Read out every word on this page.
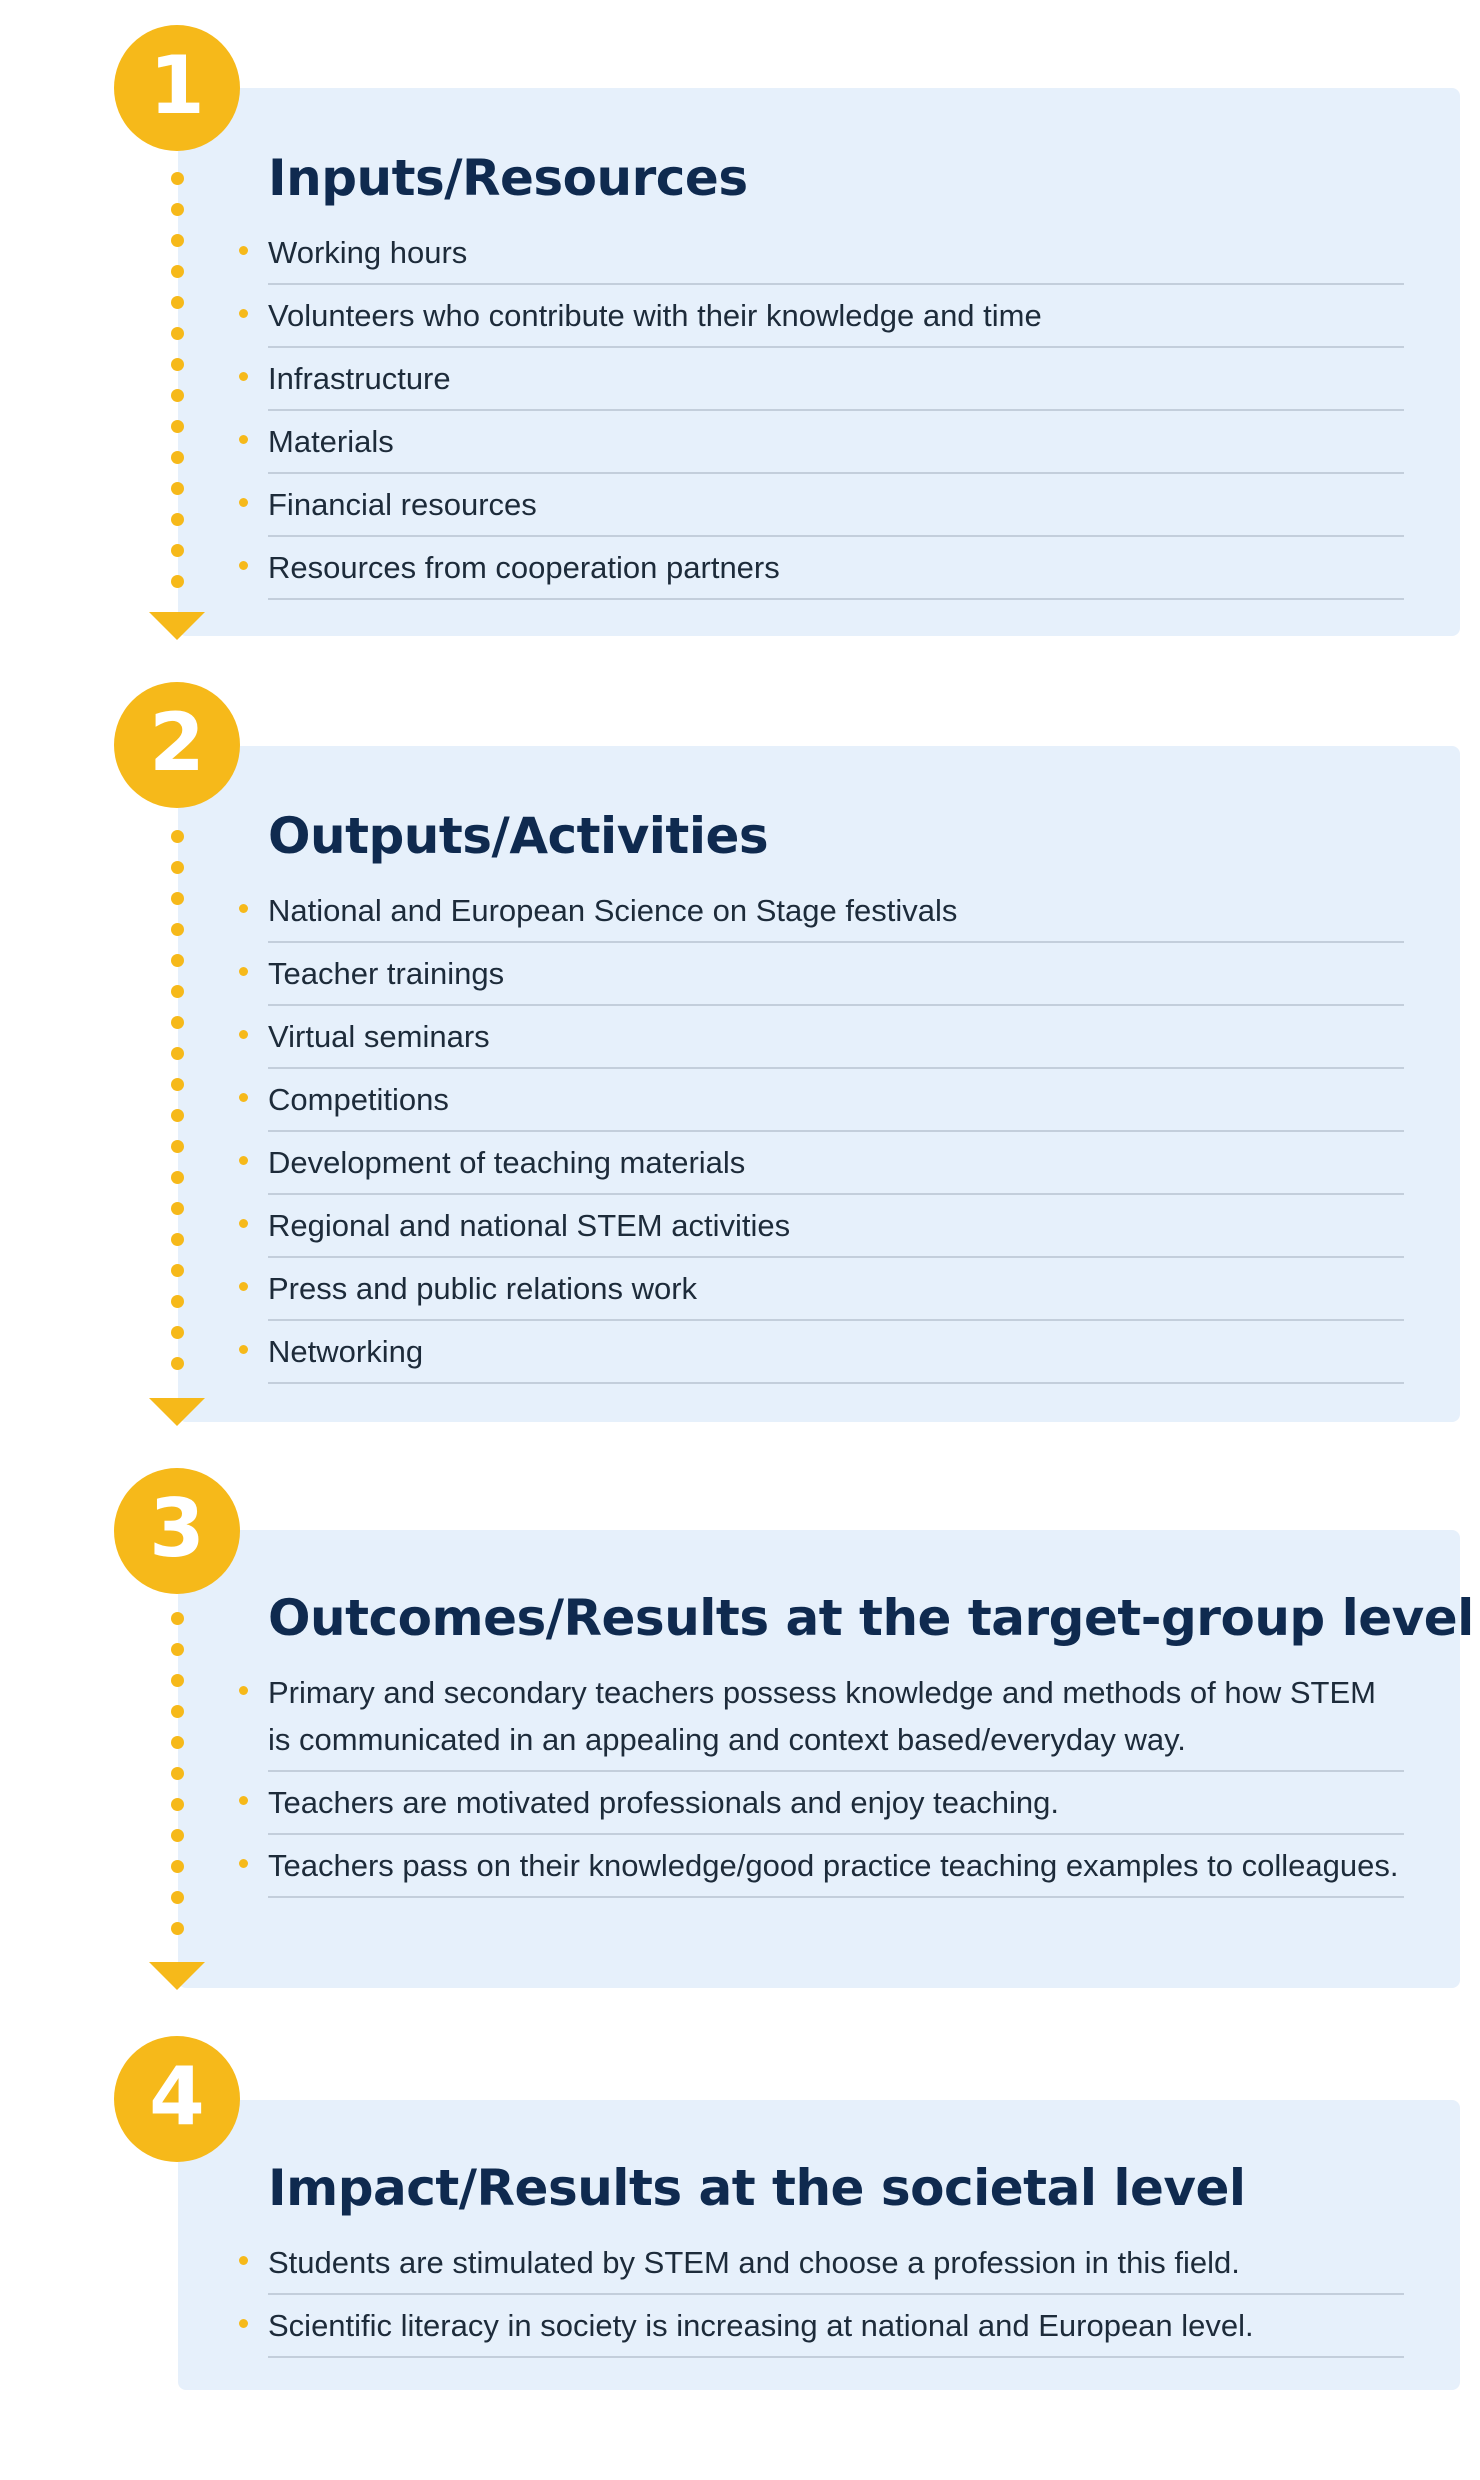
1
Inputs/Resources
Working hours
Volunteers who contribute with their knowledge and time
Infrastructure
Materials
Financial resources
Resources from cooperation partners
2
Outputs/Activities
National and European Science on Stage festivals
Teacher trainings
Virtual seminars
Competitions
Development of teaching materials
Regional and national STEM activities
Press and public relations work
Networking
3
Outcomes/Results at the target-group level
Primary and secondary teachers possess knowledge and methods of how STEM is communicated in an appealing and context based/everyday way.
Teachers are motivated professionals and enjoy teaching.
Teachers pass on their knowledge/good practice teaching examples to colleagues.
4
Impact/Results at the societal level
Students are stimulated by STEM and choose a profession in this field.
Scientific literacy in society is increasing at national and European level.
